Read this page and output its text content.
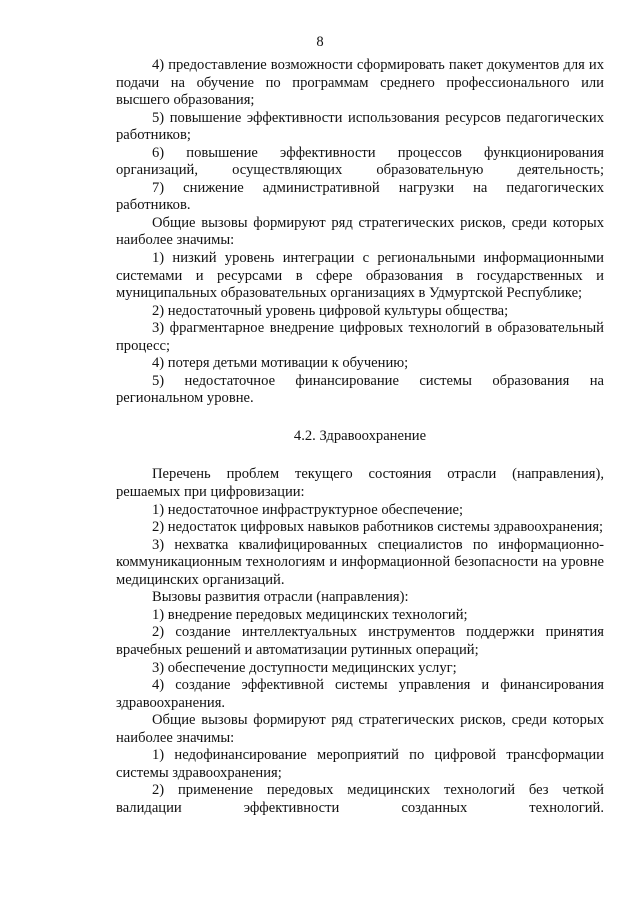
8

4) предоставление возможности сформировать пакет документов для их подачи на обучение по программам среднего профессионального или высшего образования;

5) повышение эффективности использования ресурсов педагогических работников;

6) повышение эффективности процессов функционирования организаций, осуществляющих образовательную деятельность;

7) снижение административной нагрузки на педагогических работников.

Общие вызовы формируют ряд стратегических рисков, среди которых наиболее значимы:

1) низкий уровень интеграции с региональными информационными системами и ресурсами в сфере образования в государственных и муниципальных образовательных организациях в Удмуртской Республике;

2) недостаточный уровень цифровой культуры общества;

3) фрагментарное внедрение цифровых технологий в образовательный процесс;

4) потеря детьми мотивации к обучению;

5) недостаточное финансирование системы образования на региональном уровне.

4.2. Здравоохранение

Перечень проблем текущего состояния отрасли (направления), решаемых при цифровизации:

1) недостаточное инфраструктурное обеспечение;

2) недостаток цифровых навыков работников системы здравоохранения;

3) нехватка квалифицированных специалистов по информационно-коммуникационным технологиям и информационной безопасности на уровне медицинских организаций.

Вызовы развития отрасли (направления):

1) внедрение передовых медицинских технологий;

2) создание интеллектуальных инструментов поддержки принятия врачебных решений и автоматизации рутинных операций;

3) обеспечение доступности медицинских услуг;

4) создание эффективной системы управления и финансирования здравоохранения.

Общие вызовы формируют ряд стратегических рисков, среди которых наиболее значимы:

1) недофинансирование мероприятий по цифровой трансформации системы здравоохранения;

2) применение передовых медицинских технологий без четкой валидации эффективности созданных технологий.
